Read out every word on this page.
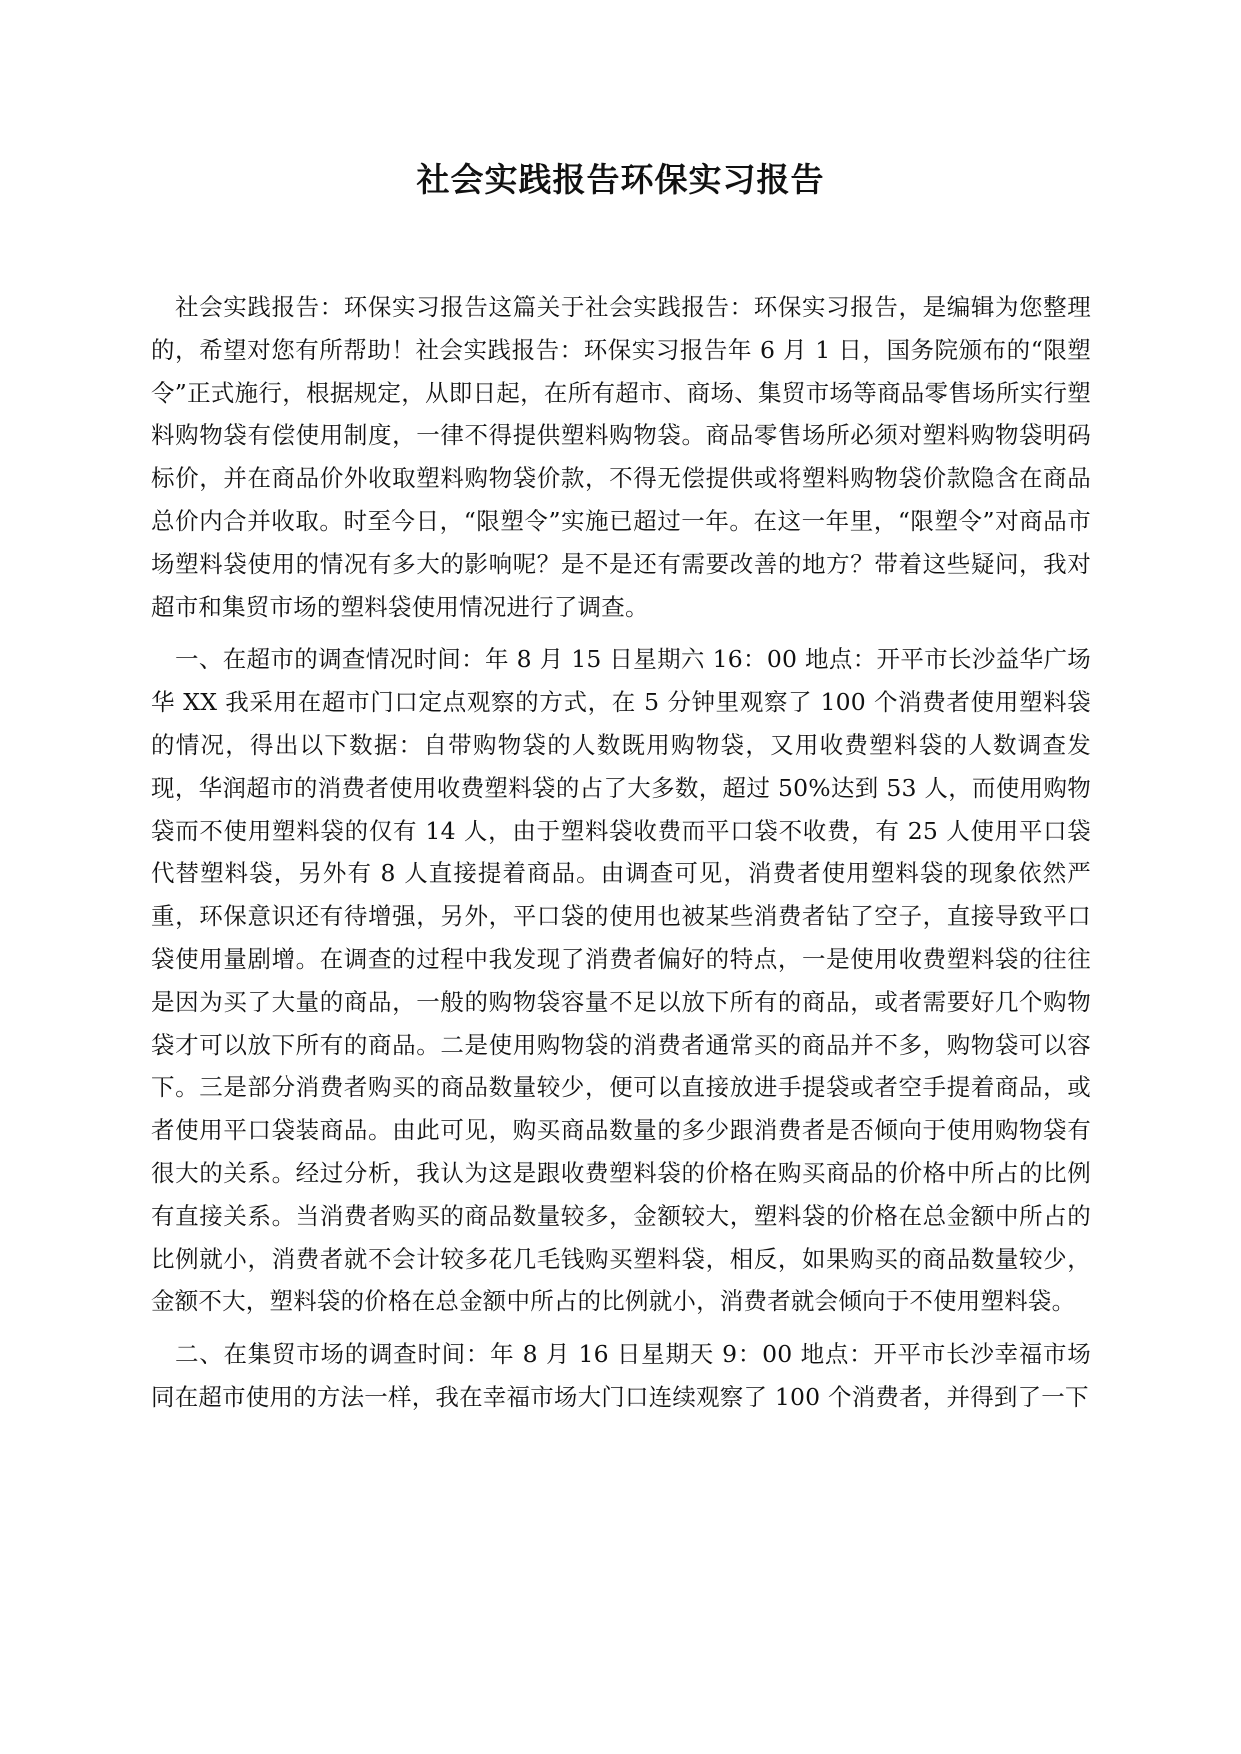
社会实践报告环保实习报告

社会实践报告：环保实习报告这篇关于社会实践报告：环保实习报告，是编辑为您整理的，希望对您有所帮助！社会实践报告：环保实习报告年 6 月 1 日，国务院颁布的“限塑令”正式施行，根据规定，从即日起，在所有超市、商场、集贸市场等商品零售场所实行塑料购物袋有偿使用制度，一律不得提供塑料购物袋。商品零售场所必须对塑料购物袋明码标价，并在商品价外收取塑料购物袋价款，不得无偿提供或将塑料购物袋价款隐含在商品总价内合并收取。时至今日，“限塑令”实施已超过一年。在这一年里，“限塑令”对商品市场塑料袋使用的情况有多大的影响呢？是不是还有需要改善的地方？带着这些疑问，我对超市和集贸市场的塑料袋使用情况进行了调查。

一、在超市的调查情况时间：年 8 月 15 日星期六 16：00 地点：开平市长沙益华广场华 XX 我采用在超市门口定点观察的方式，在 5 分钟里观察了 100 个消费者使用塑料袋的情况，得出以下数据：自带购物袋的人数既用购物袋，又用收费塑料袋的人数调查发现，华润超市的消费者使用收费塑料袋的占了大多数，超过 50%达到 53 人，而使用购物袋而不使用塑料袋的仅有 14 人，由于塑料袋收费而平口袋不收费，有 25 人使用平口袋代替塑料袋，另外有 8 人直接提着商品。由调查可见，消费者使用塑料袋的现象依然严重，环保意识还有待增强，另外，平口袋的使用也被某些消费者钻了空子，直接导致平口袋使用量剧增。在调查的过程中我发现了消费者偏好的特点，一是使用收费塑料袋的往往是因为买了大量的商品，一般的购物袋容量不足以放下所有的商品，或者需要好几个购物袋才可以放下所有的商品。二是使用购物袋的消费者通常买的商品并不多，购物袋可以容下。三是部分消费者购买的商品数量较少，便可以直接放进手提袋或者空手提着商品，或者使用平口袋装商品。由此可见，购买商品数量的多少跟消费者是否倾向于使用购物袋有很大的关系。经过分析，我认为这是跟收费塑料袋的价格在购买商品的价格中所占的比例有直接关系。当消费者购买的商品数量较多，金额较大，塑料袋的价格在总金额中所占的比例就小，消费者就不会计较多花几毛钱购买塑料袋，相反，如果购买的商品数量较少，金额不大，塑料袋的价格在总金额中所占的比例就小，消费者就会倾向于不使用塑料袋。

二、在集贸市场的调查时间：年 8 月 16 日星期天 9：00 地点：开平市长沙幸福市场同在超市使用的方法一样，我在幸福市场大门口连续观察了 100 个消费者，并得到了一下
